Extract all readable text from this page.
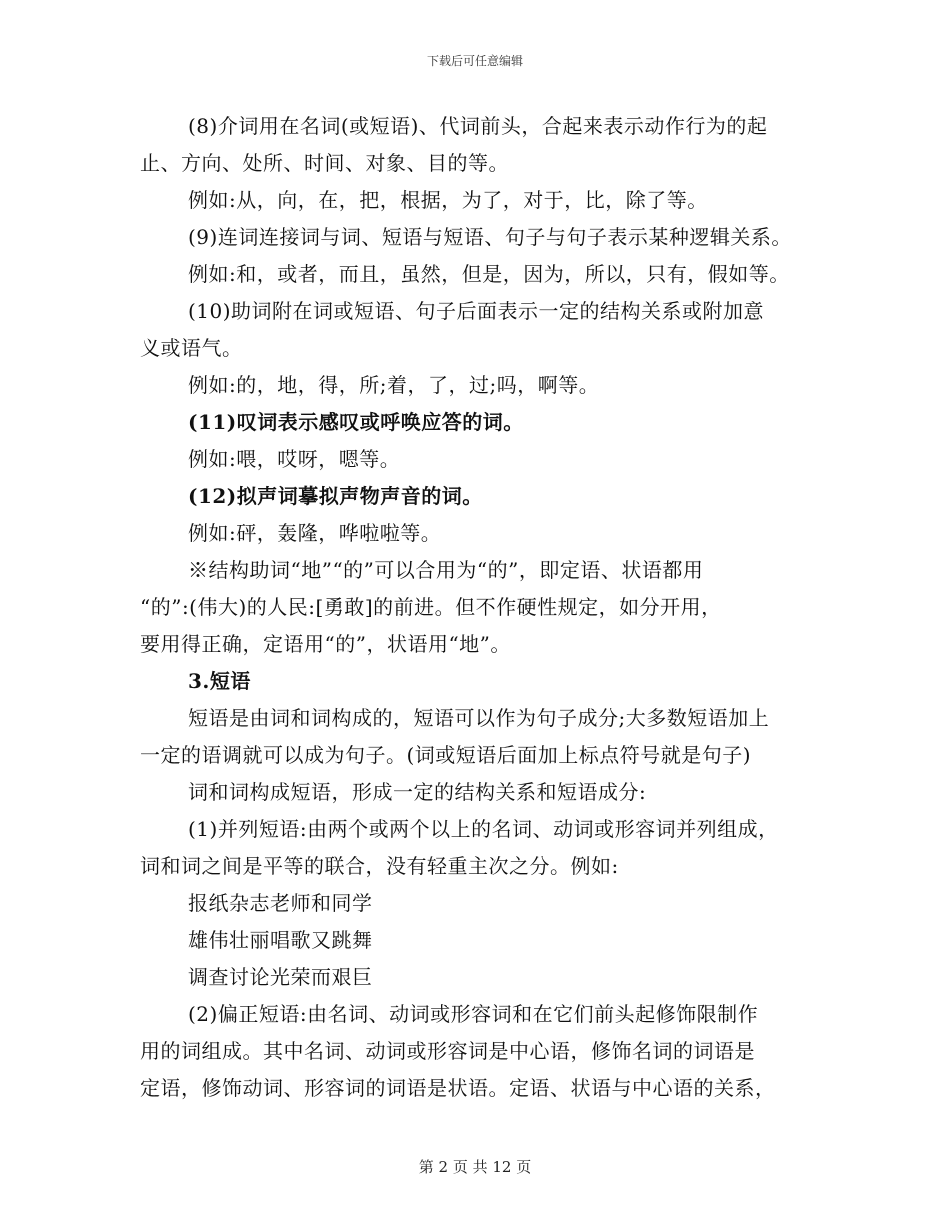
下载后可任意编辑
(8)介词用在名词(或短语)、代词前头，合起来表示动作行为的起
止、方向、处所、时间、对象、目的等。
例如:从，向，在，把，根据，为了，对于，比，除了等。
(9)连词连接词与词、短语与短语、句子与句子表示某种逻辑关系。
例如:和，或者，而且，虽然，但是，因为，所以，只有，假如等。
(10)助词附在词或短语、句子后面表示一定的结构关系或附加意
义或语气。
例如:的，地，得，所;着，了，过;吗，啊等。
(11)叹词表示感叹或呼唤应答的词。
例如:喂，哎呀，嗯等。
(12)拟声词摹拟声物声音的词。
例如:砰，轰隆，哗啦啦等。
※结构助词“地”“的”可以合用为“的”，即定语、状语都用
“的”:(伟大)的人民:[勇敢]的前进。但不作硬性规定，如分开用，
要用得正确，定语用“的”，状语用“地”。
3.短语
短语是由词和词构成的，短语可以作为句子成分;大多数短语加上
一定的语调就可以成为句子。(词或短语后面加上标点符号就是句子)
词和词构成短语，形成一定的结构关系和短语成分:
(1)并列短语:由两个或两个以上的名词、动词或形容词并列组成，
词和词之间是平等的联合，没有轻重主次之分。例如:
报纸杂志老师和同学
雄伟壮丽唱歌又跳舞
调查讨论光荣而艰巨
(2)偏正短语:由名词、动词或形容词和在它们前头起修饰限制作
用的词组成。其中名词、动词或形容词是中心语，修饰名词的词语是
定语，修饰动词、形容词的词语是状语。定语、状语与中心语的关系，
第 2 页 共 12 页
